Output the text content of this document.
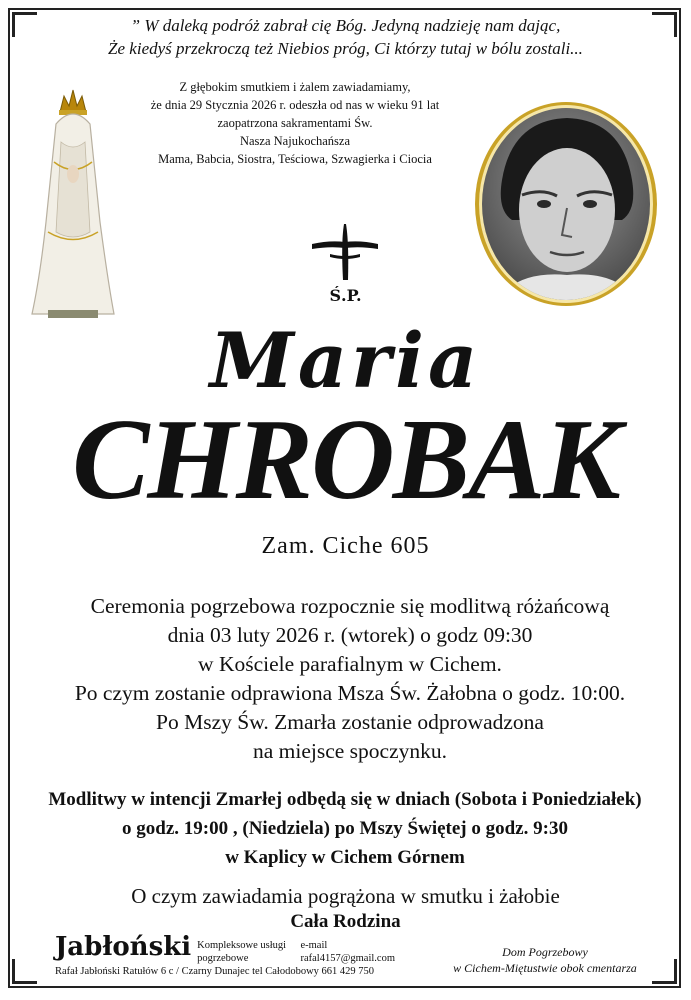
” W daleką podróż zabrał cię Bóg. Jedyną nadzieję nam dając,
Że kiedyś przekroczą też Niebios próg, Ci którzy tutaj w bólu zostali...
Z głębokim smutkiem i żalem zawiadamiamy,
że dnia 29 Stycznia 2026 r. odeszła od nas w wieku 91 lat
zaopatrzona sakramentami Św.
Nasza Najukochańsza
Mama, Babcia, Siostra, Teściowa, Szwagierka i Ciocia
Ś.P.
Maria
CHROBAK
Zam. Ciche 605
Ceremonia pogrzebowa rozpocznie się modlitwą różańcową
dnia 03 luty 2026 r. (wtorek) o godz 09:30
w Kościele parafialnym w Cichem.
Po czym zostanie odprawiona Msza Św. Żałobna o godz. 10:00.
Po Mszy Św. Zmarła zostanie odprowadzona
na miejsce spoczynku.
Modlitwy w intencji Zmarłej odbędą się w dniach (Sobota i Poniedziałek)
o godz. 19:00 , (Niedziela) po Mszy Świętej o godz. 9:30
w Kaplicy w Cichem Górnem
O czym zawiadamia pogrążona w smutku i żałobie
Cała Rodzina
Jabłoński Kompleksowe usługi pogrzebowe
e-mail rafal4157@gmail.com
Rafał Jabłoński Ratułów 6 c / Czarny Dunajec tel Całodobowy 661 429 750
Dom Pogrzebowy
w Cichem-Miętustwie obok cmentarza
